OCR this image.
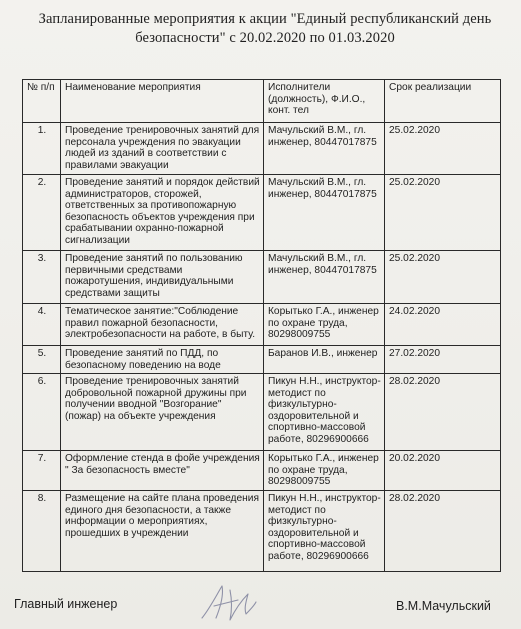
Запланированные мероприятия к акции "Единый республиканский день
безопасности" с 20.02.2020 по 01.03.2020
№ п/п	Наименование мероприятия	Исполнители (должность), Ф.И.О., конт. тел	Срок реализации
1.	Проведение тренировочных занятий для персонала учреждения по эвакуации людей из зданий в соответствии с правилами эвакуации	Мачульский В.М., гл. инженер, 80447017875	25.02.2020
2.	Проведение занятий и порядок действий администраторов, сторожей, ответственных за противопожарную безопасность объектов учреждения при срабатывании охранно-пожарной сигнализации	Мачульский В.М., гл. инженер, 80447017875	25.02.2020
3.	Проведение занятий по пользованию первичными средствами пожаротушения, индивидуальными средствами защиты	Мачульский В.М., гл. инженер, 80447017875	25.02.2020
4.	Тематическое занятие:"Соблюдение правил пожарной безопасности, электробезопасности на работе, в быту.	Корытько Г.А., инженер по охране труда, 80298009755	24.02.2020
5.	Проведение занятий по ПДД, по безопасному поведению на воде	Баранов И.В., инженер	27.02.2020
6.	Проведение тренировочных занятий добровольной пожарной дружины при получении вводной "Возгорание" (пожар) на объекте учреждения	Пикун Н.Н., инструктор-методист по физкультурно-оздоровительной и спортивно-массовой работе, 80296900666	28.02.2020
7.	Оформление стенда в фойе учреждения " За безопасность вместе"	Корытько Г.А., инженер по охране труда, 80298009755	20.02.2020
8.	Размещение на сайте плана проведения единого дня безопасности, а также информации о мероприятиях, прошедших в учреждении	Пикун Н.Н., инструктор-методист по физкультурно-оздоровительной и спортивно-массовой работе, 80296900666	28.02.2020
Главный инженер	В.М.Мачульский
